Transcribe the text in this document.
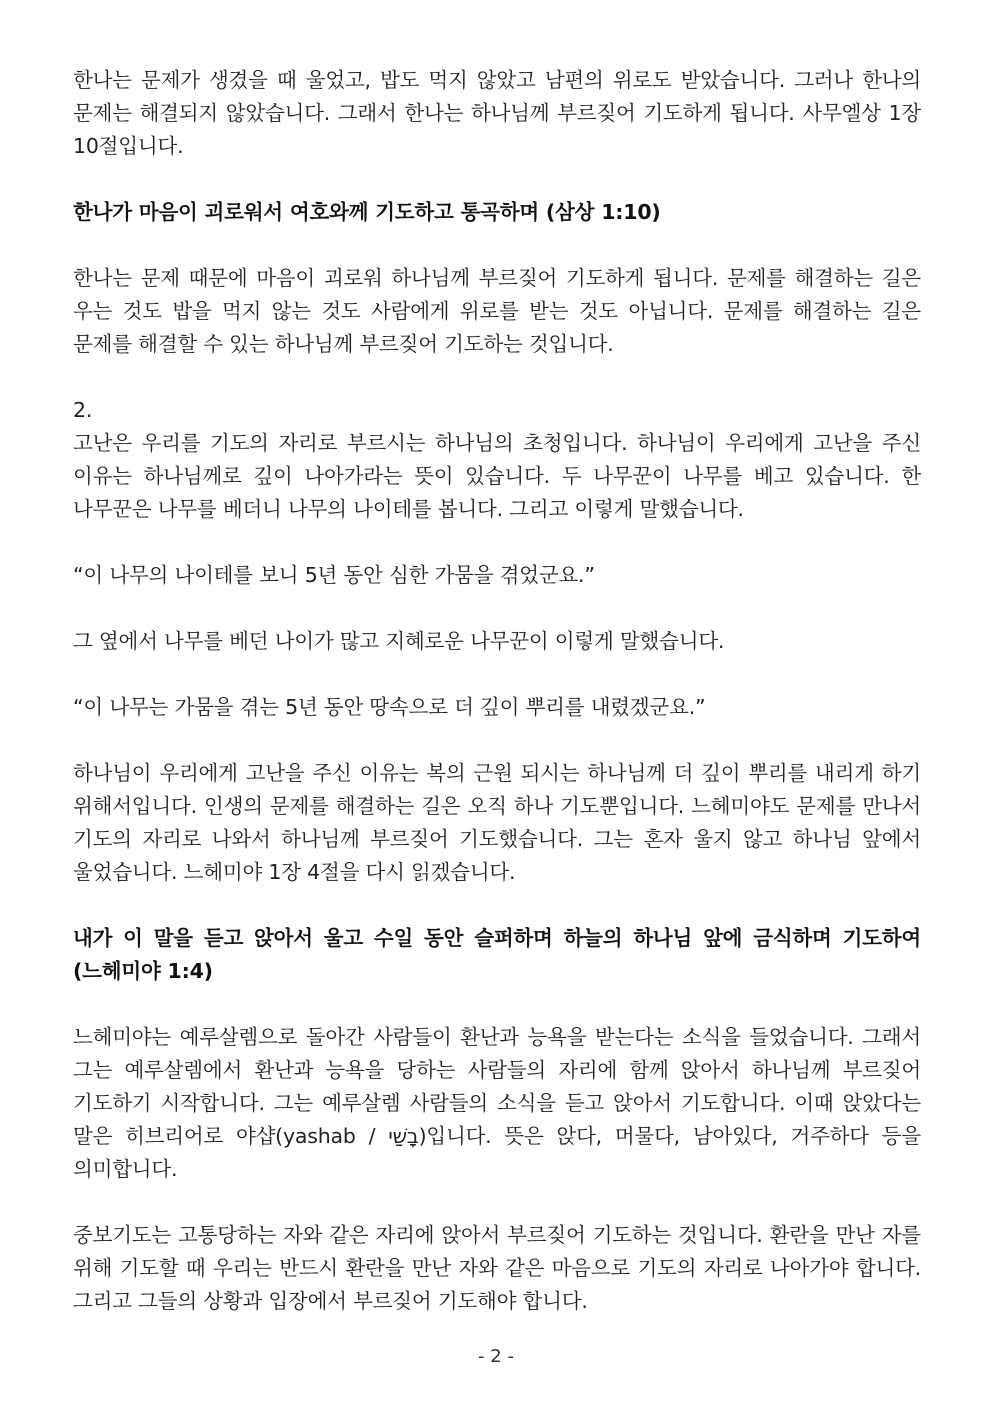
한나는 문제가 생겼을 때 울었고, 밥도 먹지 않았고 남편의 위로도 받았습니다. 그러나 한나의 문제는 해결되지 않았습니다. 그래서 한나는 하나님께 부르짖어 기도하게 됩니다. 사무엘상 1장 10절입니다.

한나가 마음이 괴로워서 여호와께 기도하고 통곡하며 (삼상 1:10)

한나는 문제 때문에 마음이 괴로워 하나님께 부르짖어 기도하게 됩니다. 문제를 해결하는 길은 우는 것도 밥을 먹지 않는 것도 사람에게 위로를 받는 것도 아닙니다. 문제를 해결하는 길은 문제를 해결할 수 있는 하나님께 부르짖어 기도하는 것입니다.

2.

고난은 우리를 기도의 자리로 부르시는 하나님의 초청입니다. 하나님이 우리에게 고난을 주신 이유는 하나님께로 깊이 나아가라는 뜻이 있습니다. 두 나무꾼이 나무를 베고 있습니다. 한 나무꾼은 나무를 베더니 나무의 나이테를 봅니다. 그리고 이렇게 말했습니다.

“이 나무의 나이테를 보니 5년 동안 심한 가뭄을 겪었군요.”

그 옆에서 나무를 베던 나이가 많고 지혜로운 나무꾼이 이렇게 말했습니다.

“이 나무는 가뭄을 겪는 5년 동안 땅속으로 더 깊이 뿌리를 내렸겠군요.”

하나님이 우리에게 고난을 주신 이유는 복의 근원 되시는 하나님께 더 깊이 뿌리를 내리게 하기 위해서입니다. 인생의 문제를 해결하는 길은 오직 하나 기도뿐입니다. 느헤미야도 문제를 만나서 기도의 자리로 나와서 하나님께 부르짖어 기도했습니다. 그는 혼자 울지 않고 하나님 앞에서 울었습니다. 느헤미야 1장 4절을 다시 읽겠습니다.

내가 이 말을 듣고 앉아서 울고 수일 동안 슬퍼하며 하늘의 하나님 앞에 금식하며 기도하여 (느헤미야 1:4)

느헤미야는 예루살렘으로 돌아간 사람들이 환난과 능욕을 받는다는 소식을 들었습니다. 그래서 그는 예루살렘에서 환난과 능욕을 당하는 사람들의 자리에 함께 앉아서 하나님께 부르짖어 기도하기 시작합니다. 그는 예루살렘 사람들의 소식을 듣고 앉아서 기도합니다. 이때 앉았다는 말은 히브리어로 야샵(yashab / בָשַׁי)입니다. 뜻은 앉다, 머물다, 남아있다, 거주하다 등을 의미합니다.

중보기도는 고통당하는 자와 같은 자리에 앉아서 부르짖어 기도하는 것입니다. 환란을 만난 자를 위해 기도할 때 우리는 반드시 환란을 만난 자와 같은 마음으로 기도의 자리로 나아가야 합니다. 그리고 그들의 상황과 입장에서 부르짖어 기도해야 합니다.

- 2 -
